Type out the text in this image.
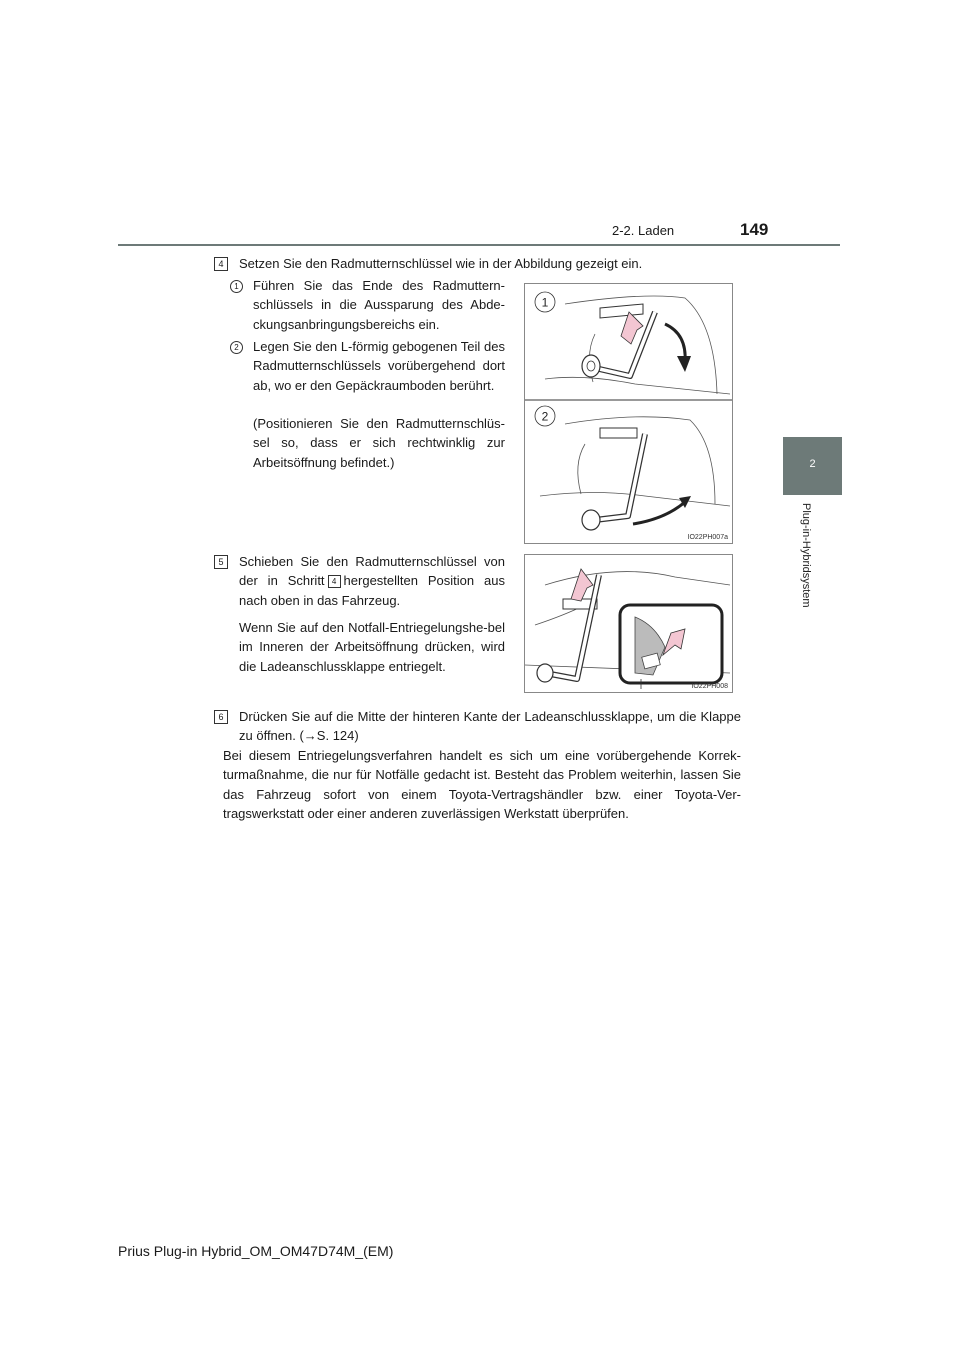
2-2. Laden	149
2
Plug-in-Hybridsystem
4	Setzen Sie den Radmutternschlüssel wie in der Abbildung gezeigt ein.
1	Führen Sie das Ende des Radmuttern-schlüssels in die Aussparung des Abde-ckungsanbringungsbereichs ein.
2	Legen Sie den L-förmig gebogenen Teil des Radmutternschlüssels vorübergehend dort ab, wo er den Gepäckraumboden berührt.
(Positionieren Sie den Radmutternschlüs-sel so, dass er sich rechtwinklig zur Arbeitsöffnung befindet.)
1
2
IO22PH007a
5	Schieben Sie den Radmutternschlüssel von der in Schritt 4 hergestellten Position aus nach oben in das Fahrzeug.
Wenn Sie auf den Notfall-Entriegelungshe-bel im Inneren der Arbeitsöffnung drücken, wird die Ladeanschlussklappe entriegelt.
IO22PH008
6	Drücken Sie auf die Mitte der hinteren Kante der Ladeanschlussklappe, um die Klappe zu öffnen. (→S. 124)
Bei diesem Entriegelungsverfahren handelt es sich um eine vorübergehende Korrek-turmaßnahme, die nur für Notfälle gedacht ist. Besteht das Problem weiterhin, lassen Sie das Fahrzeug sofort von einem Toyota-Vertragshändler bzw. einer Toyota-Ver-tragswerkstatt oder einer anderen zuverlässigen Werkstatt überprüfen.
Prius Plug-in Hybrid_OM_OM47D74M_(EM)
